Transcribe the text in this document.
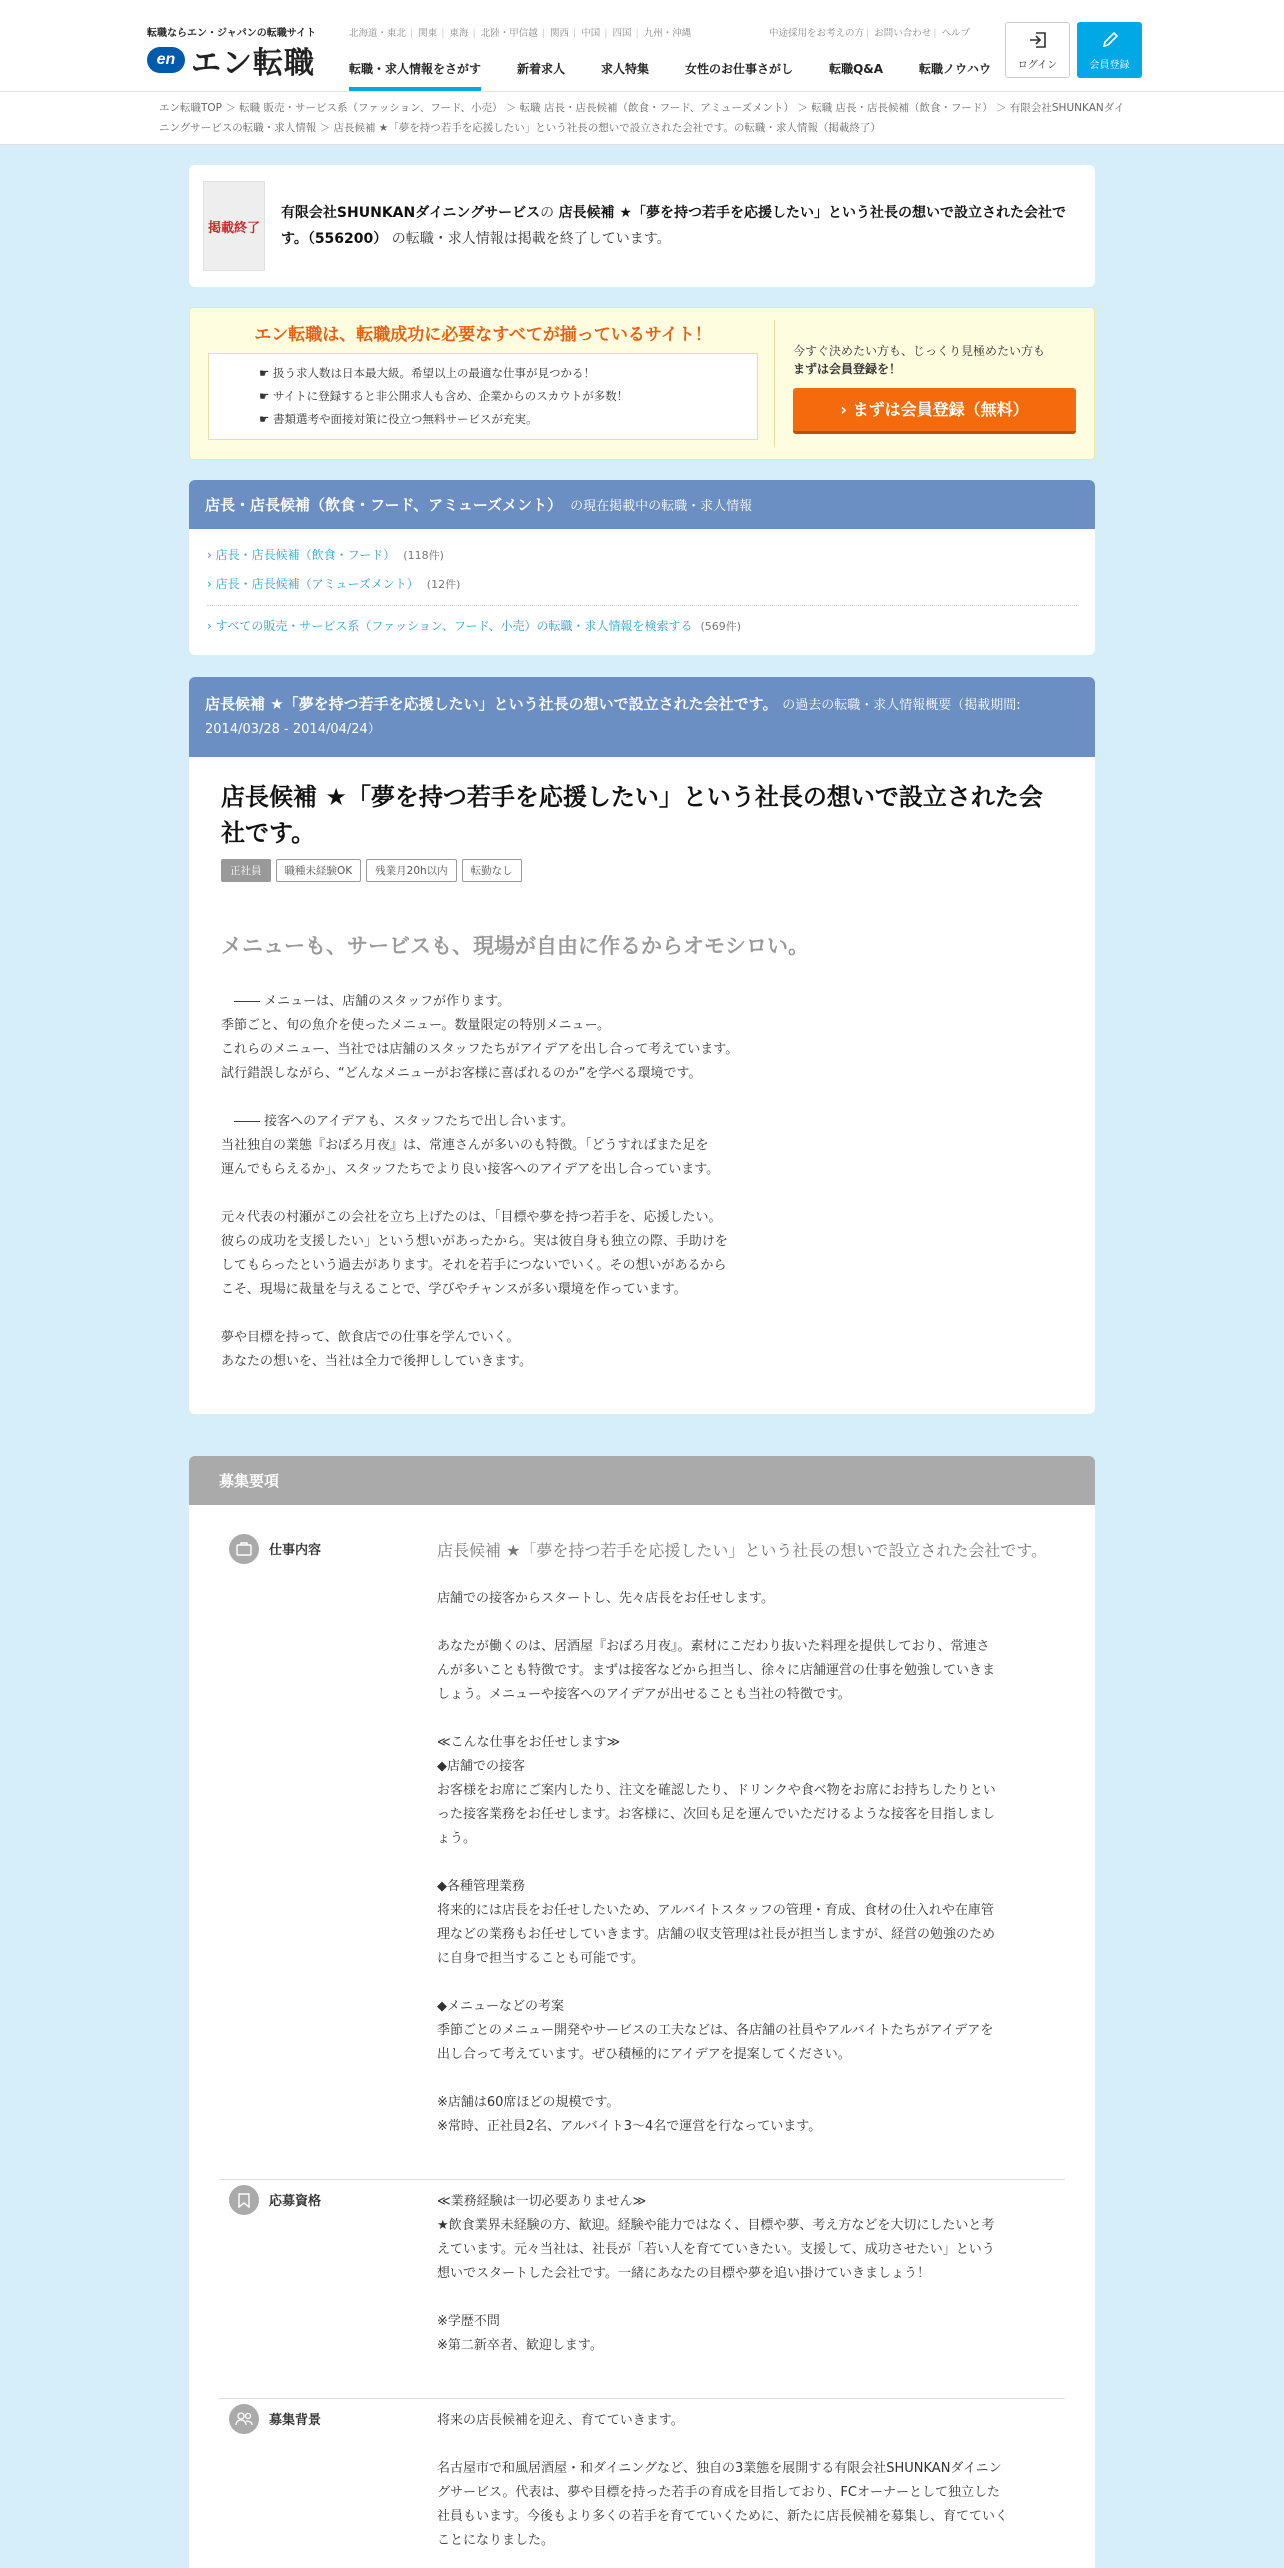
転職ならエン・ジャパンの転職サイト
en エン転職
北海道・東北 | 関東 | 東海 | 北陸・甲信越 | 関西 | 中国 | 四国 | 九州・沖縄	中途採用をお考えの方 | お問い合わせ | ヘルプ
ログイン	会員登録
転職・求人情報をさがす	新着求人	求人特集	女性のお仕事さがし	転職Q&A	転職ノウハウ
エン転職TOP ＞ 転職 販売・サービス系（ファッション、フード、小売） ＞ 転職 店長・店長候補（飲食・フード、アミューズメント） ＞ 転職 店長・店長候補（飲食・フード） ＞ 有限会社SHUNKANダイニングサービスの転職・求人情報 ＞ 店長候補 ★「夢を持つ若手を応援したい」という社長の想いで設立された会社です。の転職・求人情報（掲載終了）
掲載終了
有限会社SHUNKANダイニングサービスの 店長候補 ★「夢を持つ若手を応援したい」という社長の想いで設立された会社です。（556200） の転職・求人情報は掲載を終了しています。
エン転職は、転職成功に必要なすべてが揃っているサイト！
☛ 扱う求人数は日本最大級。希望以上の最適な仕事が見つかる！
☛ サイトに登録すると非公開求人も含め、企業からのスカウトが多数！
☛ 書類選考や面接対策に役立つ無料サービスが充実。
今すぐ決めたい方も、じっくり見極めたい方も
まずは会員登録を！
› まずは会員登録（無料）
店長・店長候補（飲食・フード、アミューズメント） の現在掲載中の転職・求人情報
› 店長・店長候補（飲食・フード） (118件)
› 店長・店長候補（アミューズメント） (12件)
› すべての販売・サービス系（ファッション、フード、小売）の転職・求人情報を検索する (569件)
店長候補 ★「夢を持つ若手を応援したい」という社長の想いで設立された会社です。 の過去の転職・求人情報概要（掲載期間: 2014/03/28 - 2014/04/24）
店長候補 ★「夢を持つ若手を応援したい」という社長の想いで設立された会社です。
正社員	職種未経験OK	残業月20h以内	転勤なし
メニューも、サービスも、現場が自由に作るからオモシロい。
　―― メニューは、店舗のスタッフが作ります。
季節ごと、旬の魚介を使ったメニュー。数量限定の特別メニュー。
これらのメニュー、当社では店舗のスタッフたちがアイデアを出し合って考えています。
試行錯誤しながら、“どんなメニューがお客様に喜ばれるのか”を学べる環境です。

　―― 接客へのアイデアも、スタッフたちで出し合います。
当社独自の業態『おぼろ月夜』は、常連さんが多いのも特徴。「どうすればまた足を
運んでもらえるか」、スタッフたちでより良い接客へのアイデアを出し合っています。

元々代表の村瀬がこの会社を立ち上げたのは、「目標や夢を持つ若手を、応援したい。
彼らの成功を支援したい」という想いがあったから。実は彼自身も独立の際、手助けを
してもらったという過去があります。それを若手につないでいく。その想いがあるから
こそ、現場に裁量を与えることで、学びやチャンスが多い環境を作っています。

夢や目標を持って、飲食店での仕事を学んでいく。
あなたの想いを、当社は全力で後押ししていきます。
募集要項
仕事内容	店長候補 ★「夢を持つ若手を応援したい」という社長の想いで設立された会社です。
店舗での接客からスタートし、先々店長をお任せします。

あなたが働くのは、居酒屋『おぼろ月夜』。素材にこだわり抜いた料理を提供しており、常連さ
んが多いことも特徴です。まずは接客などから担当し、徐々に店舗運営の仕事を勉強していきま
しょう。メニューや接客へのアイデアが出せることも当社の特徴です。

≪こんな仕事をお任せします≫
◆店舗での接客
お客様をお席にご案内したり、注文を確認したり、ドリンクや食べ物をお席にお持ちしたりとい
った接客業務をお任せします。お客様に、次回も足を運んでいただけるような接客を目指しまし
ょう。

◆各種管理業務
将来的には店長をお任せしたいため、アルバイトスタッフの管理・育成、食材の仕入れや在庫管
理などの業務もお任せしていきます。店舗の収支管理は社長が担当しますが、経営の勉強のため
に自身で担当することも可能です。

◆メニューなどの考案
季節ごとのメニュー開発やサービスの工夫などは、各店舗の社員やアルバイトたちがアイデアを
出し合って考えています。ぜひ積極的にアイデアを提案してください。

※店舗は60席ほどの規模です。
※常時、正社員2名、アルバイト3～4名で運営を行なっています。
応募資格	≪業務経験は一切必要ありません≫
★飲食業界未経験の方、歓迎。経験や能力ではなく、目標や夢、考え方などを大切にしたいと考
えています。元々当社は、社長が「若い人を育てていきたい。支援して、成功させたい」という
想いでスタートした会社です。一緒にあなたの目標や夢を追い掛けていきましょう！

※学歴不問
※第二新卒者、歓迎します。
募集背景	将来の店長候補を迎え、育てていきます。

名古屋市で和風居酒屋・和ダイニングなど、独自の3業態を展開する有限会社SHUNKANダイニン
グサービス。代表は、夢や目標を持った若手の育成を目指しており、FCオーナーとして独立した
社員もいます。今後もより多くの若手を育てていくために、新たに店長候補を募集し、育てていく
ことになりました。
